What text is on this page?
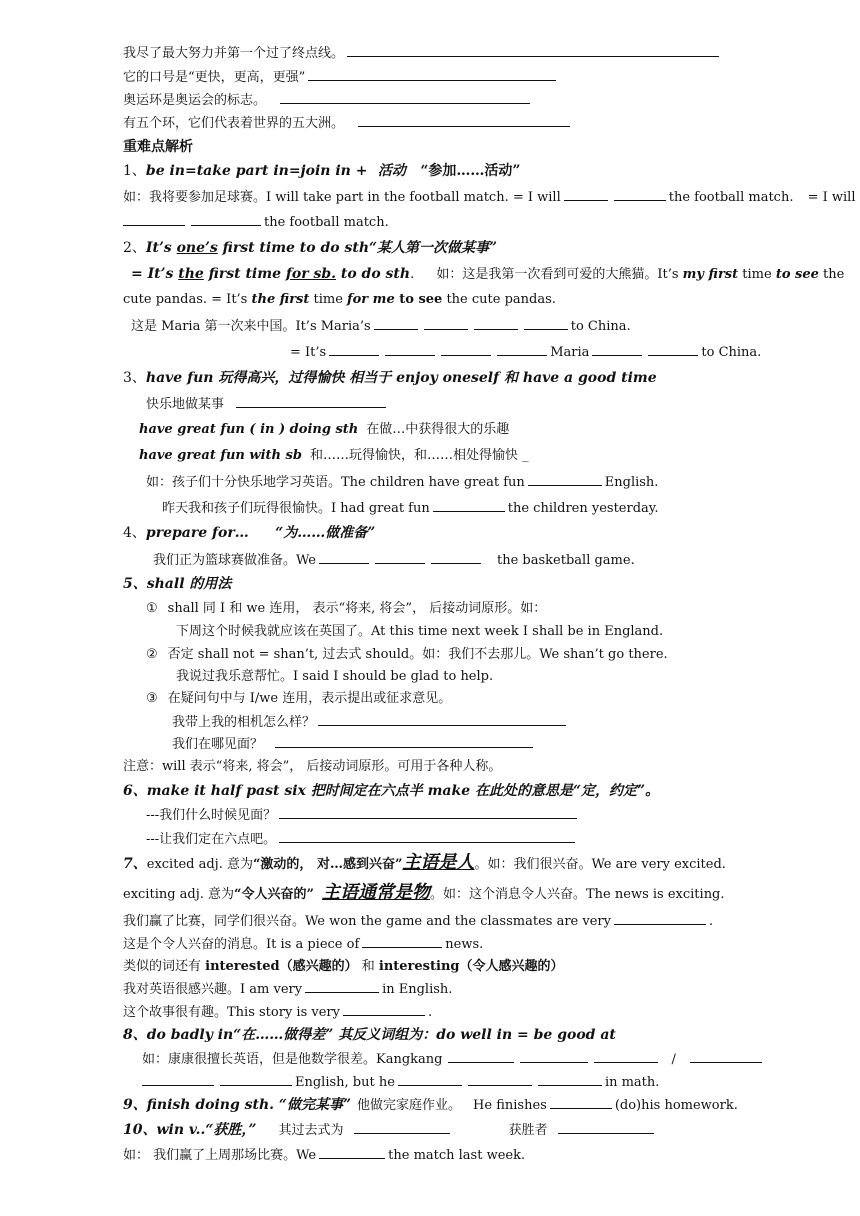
我尽了最大努力并第一个过了终点线。
它的口号是“更快，更高，更强”
奥运环是奥运会的标志。
有五个环，它们代表着世界的五大洲。
重难点解析
1、be in=take part in=join in + 活动 “参加……活动”
如：我将要参加足球赛。I will take part in the football match. = I will	the football match. = I will
the football match.
2、It’s one’s first time to do sth“某人第一次做某事”
= It’s the first time for sb. to do sth. 如：这是我第一次看到可爱的大熊猫。It’s my first time to see the
cute pandas. = It’s the first time for me to see the cute pandas.
这是 Maria 第一次来中国。It’s Maria’s	to China.
= It’s	Maria	to China.
3、have fun 玩得高兴，过得愉快 相当于 enjoy oneself 和 have a good time
快乐地做某事
have great fun ( in ) doing sth 在做…中获得很大的乐趣
have great fun with sb 和……玩得愉快，和……相处得愉快 _
如：孩子们十分快乐地学习英语。The children have great fun	English.
昨天我和孩子们玩得很愉快。I had great fun	the children yesterday.
4、prepare for… “为……做准备”
我们正为篮球赛做准备。We	the basketball game.
5、shall 的用法
① shall 同 I 和 we 连用， 表示“将来, 将会”， 后接动词原形。如：
下周这个时候我就应该在英国了。At this time next week I shall be in England.
② 否定 shall not = shan’t, 过去式 should。如：我们不去那儿。We shan’t go there.
我说过我乐意帮忙。I said I should be glad to help.
③ 在疑问句中与 I/we 连用，表示提出或征求意见。
我带上我的相机怎么样？
我们在哪见面？
注意：will 表示“将来, 将会”， 后接动词原形。可用于各种人称。
6、make it half past six 把时间定在六点半 make 在此处的意思是“定，约定”。
---我们什么时候见面？
---让我们定在六点吧。
7、excited adj. 意为“激动的， 对…感到兴奋”主语是人。如：我们很兴奋。We are very excited.
exciting adj. 意为“令人兴奋的” 主语通常是物。如：这个消息令人兴奋。The news is exciting.
我们赢了比赛，同学们很兴奋。We won the game and the classmates are very	.
这是个令人兴奋的消息。It is a piece of	news.
类似的词还有 interested（感兴趣的） 和 interesting（令人感兴趣的）
我对英语很感兴趣。I am very	in English.
这个故事很有趣。This story is very	.
8、do badly in“在……做得差” 其反义词组为：do well in = be good at
如：康康很擅长英语，但是他数学很差。Kangkang	/
English, but he	in math.
9、finish doing sth. “做完某事” 他做完家庭作业。 He finishes	(do)his homework.
10、win v..“获胜，” 其过去式为	获胜者
如： 我们赢了上周那场比赛。We	the match last week.
